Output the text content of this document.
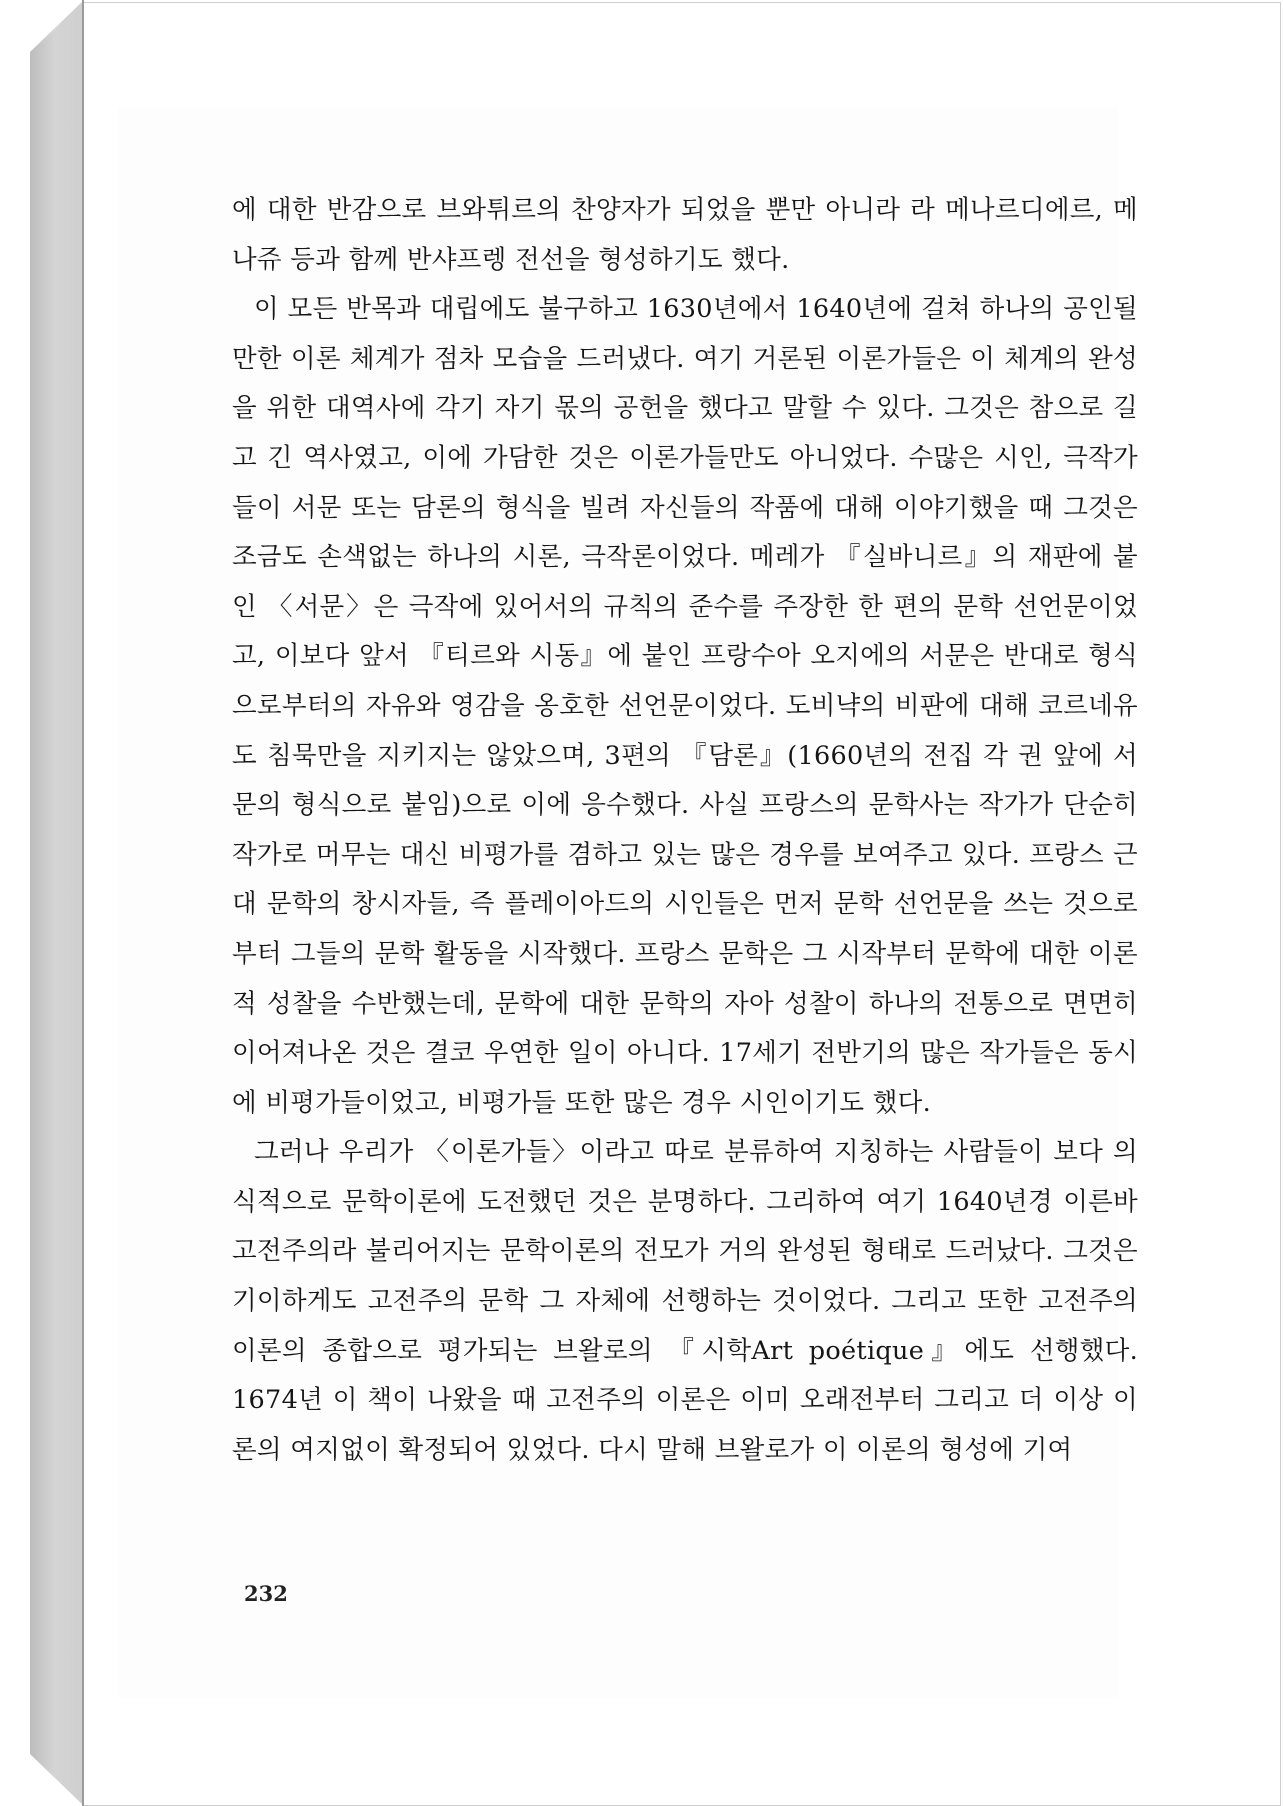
에 대한 반감으로 브와튀르의 찬양자가 되었을 뿐만 아니라 라 메나르디에르, 메나쥬 등과 함께 반샤프렝 전선을 형성하기도 했다.

이 모든 반목과 대립에도 불구하고 1630년에서 1640년에 걸쳐 하나의 공인될 만한 이론 체계가 점차 모습을 드러냈다. 여기 거론된 이론가들은 이 체계의 완성을 위한 대역사에 각기 자기 몫의 공헌을 했다고 말할 수 있다. 그것은 참으로 길고 긴 역사였고, 이에 가담한 것은 이론가들만도 아니었다. 수많은 시인, 극작가들이 서문 또는 담론의 형식을 빌려 자신들의 작품에 대해 이야기했을 때 그것은 조금도 손색없는 하나의 시론, 극작론이었다. 메레가 『실바니르』의 재판에 붙인 〈서문〉은 극작에 있어서의 규칙의 준수를 주장한 한 편의 문학 선언문이었고, 이보다 앞서 『티르와 시동』에 붙인 프랑수아 오지에의 서문은 반대로 형식으로부터의 자유와 영감을 옹호한 선언문이었다. 도비냑의 비판에 대해 코르네유도 침묵만을 지키지는 않았으며, 3편의 『담론』(1660년의 전집 각 권 앞에 서문의 형식으로 붙임)으로 이에 응수했다. 사실 프랑스의 문학사는 작가가 단순히 작가로 머무는 대신 비평가를 겸하고 있는 많은 경우를 보여주고 있다. 프랑스 근대 문학의 창시자들, 즉 플레이아드의 시인들은 먼저 문학 선언문을 쓰는 것으로부터 그들의 문학 활동을 시작했다. 프랑스 문학은 그 시작부터 문학에 대한 이론적 성찰을 수반했는데, 문학에 대한 문학의 자아 성찰이 하나의 전통으로 면면히 이어져나온 것은 결코 우연한 일이 아니다. 17세기 전반기의 많은 작가들은 동시에 비평가들이었고, 비평가들 또한 많은 경우 시인이기도 했다.

그러나 우리가 〈이론가들〉이라고 따로 분류하여 지칭하는 사람들이 보다 의식적으로 문학이론에 도전했던 것은 분명하다. 그리하여 여기 1640년경 이른바 고전주의라 불리어지는 문학이론의 전모가 거의 완성된 형태로 드러났다. 그것은 기이하게도 고전주의 문학 그 자체에 선행하는 것이었다. 그리고 또한 고전주의 이론의 종합으로 평가되는 브왈로의 『시학Art poétique』에도 선행했다. 1674년 이 책이 나왔을 때 고전주의 이론은 이미 오래전부터 그리고 더 이상 이론의 여지없이 확정되어 있었다. 다시 말해 브왈로가 이 이론의 형성에 기여

232
